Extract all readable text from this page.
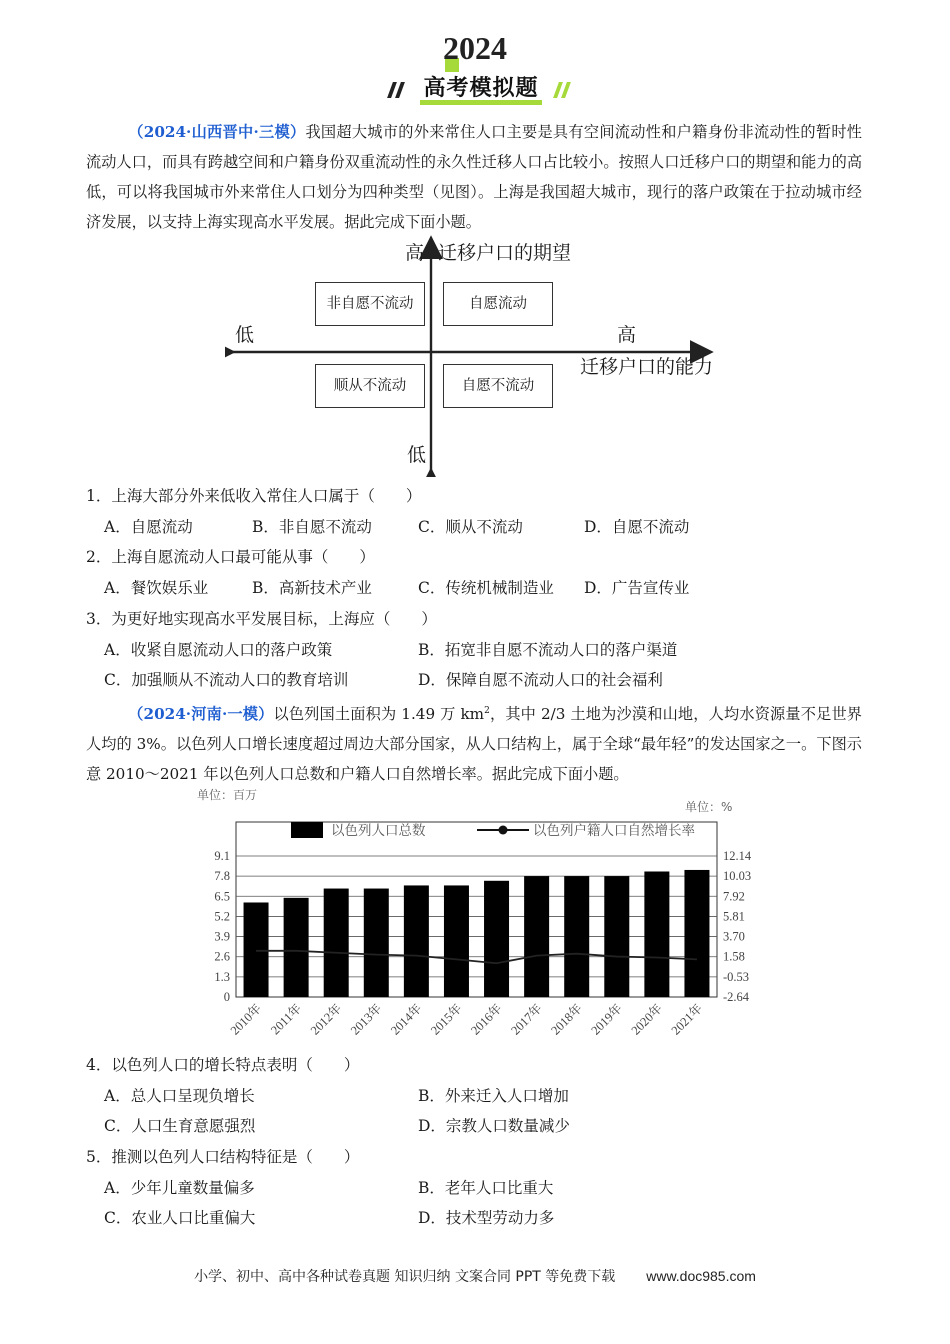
2024
高考模拟题
（2024·山西晋中·三模）我国超大城市的外来常住人口主要是具有空间流动性和户籍身份非流动性的暂时性流动人口，而具有跨越空间和户籍身份双重流动性的永久性迁移人口占比较小。按照人口迁移户口的期望和能力的高低，可以将我国城市外来常住人口划分为四种类型（见图）。上海是我国超大城市，现行的落户政策在于拉动城市经济发展，以支持上海实现高水平发展。据此完成下面小题。
高 迁移户口的期望
低
低	高
迁移户口的能力
非自愿不流动	自愿流动
顺从不流动	自愿不流动
1．上海大部分外来低收入常住人口属于（　　）
A．自愿流动	B．非自愿不流动	C．顺从不流动	D．自愿不流动
2．上海自愿流动人口最可能从事（　　）
A．餐饮娱乐业	B．高新技术产业	C．传统机械制造业 D．广告宣传业
3．为更好地实现高水平发展目标，上海应（　　）
A．收紧自愿流动人口的落户政策	B．拓宽非自愿不流动人口的落户渠道
C．加强顺从不流动人口的教育培训	D．保障自愿不流动人口的社会福利
（2024·河南·一模）以色列国土面积为 1.49 万 $km^2$，其中 2/3 土地为沙漠和山地，人均水资源量不足世界人均的 3%。以色列人口增长速度超过周边大部分国家，从人口结构上，属于全球“最年轻”的发达国家之一。下图示意 2010～2021 年以色列人口总数和户籍人口自然增长率。据此完成下面小题。
单位：百万
单位：%
0
1.3
2.6
3.9
5.2
6.5
7.8
9.1
-2.64
-0.53
1.58
3.70
5.81
7.92
10.03
12.14
2010年 2011年 2012年 2013年 2014年 2015年 2016年 2017年 2018年 2019年 2020年 2021年
以色列人口总数	以色列户籍人口自然增长率
4．以色列人口的增长特点表明（　　）
A．总人口呈现负增长	B．外来迁入人口增加
C．人口生育意愿强烈	D．宗教人口数量减少
5．推测以色列人口结构特征是（　　）
A．少年儿童数量偏多	B．老年人口比重大
C．农业人口比重偏大	D．技术型劳动力多
小学、初中、高中各种试卷真题 知识归纳 文案合同 PPT 等免费下载 www.doc985.com
